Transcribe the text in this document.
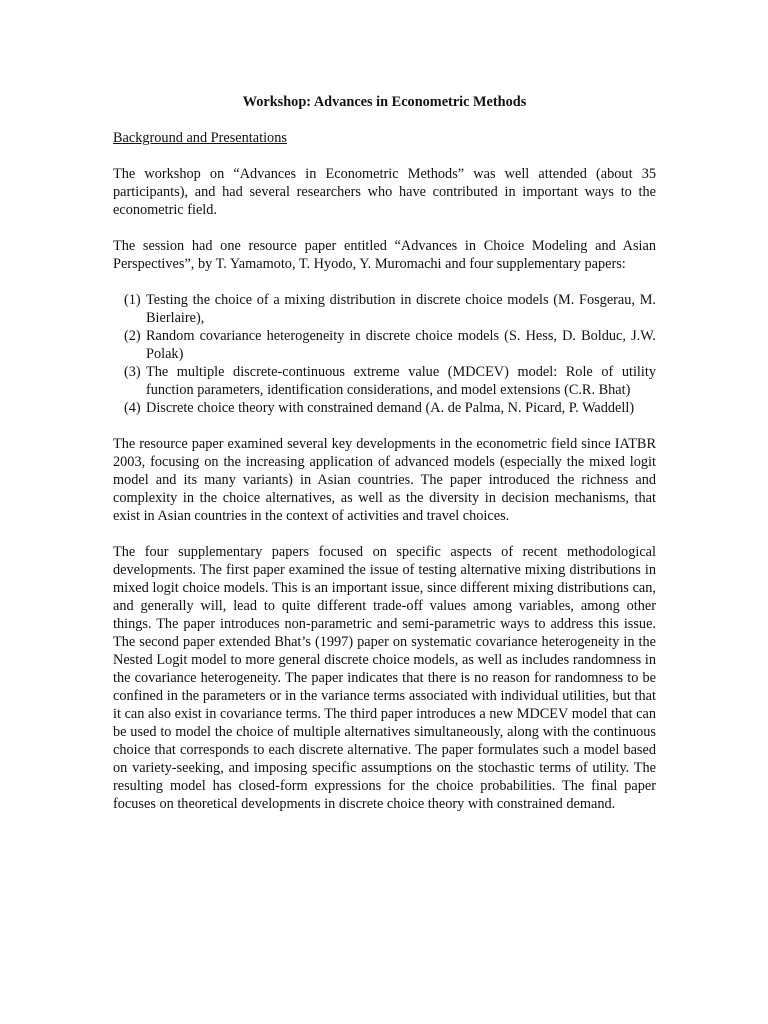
Workshop: Advances in Econometric Methods
Background and Presentations

The workshop on “Advances in Econometric Methods” was well attended (about 35 participants), and had several researchers who have contributed in important ways to the econometric field.

The session had one resource paper entitled “Advances in Choice Modeling and Asian Perspectives”, by T. Yamamoto, T. Hyodo, Y. Muromachi and four supplementary papers:

(1) Testing the choice of a mixing distribution in discrete choice models (M. Fosgerau, M. Bierlaire),
(2) Random covariance heterogeneity in discrete choice models (S. Hess, D. Bolduc, J.W. Polak)
(3) The multiple discrete-continuous extreme value (MDCEV) model: Role of utility function parameters, identification considerations, and model extensions (C.R. Bhat)
(4) Discrete choice theory with constrained demand (A. de Palma, N. Picard, P. Waddell)

The resource paper examined several key developments in the econometric field since IATBR 2003, focusing on the increasing application of advanced models (especially the mixed logit model and its many variants) in Asian countries. The paper introduced the richness and complexity in the choice alternatives, as well as the diversity in decision mechanisms, that exist in Asian countries in the context of activities and travel choices.

The four supplementary papers focused on specific aspects of recent methodological developments. The first paper examined the issue of testing alternative mixing distributions in mixed logit choice models. This is an important issue, since different mixing distributions can, and generally will, lead to quite different trade-off values among variables, among other things. The paper introduces non-parametric and semi-parametric ways to address this issue. The second paper extended Bhat’s (1997) paper on systematic covariance heterogeneity in the Nested Logit model to more general discrete choice models, as well as includes randomness in the covariance heterogeneity. The paper indicates that there is no reason for randomness to be confined in the parameters or in the variance terms associated with individual utilities, but that it can also exist in covariance terms. The third paper introduces a new MDCEV model that can be used to model the choice of multiple alternatives simultaneously, along with the continuous choice that corresponds to each discrete alternative. The paper formulates such a model based on variety-seeking, and imposing specific assumptions on the stochastic terms of utility. The resulting model has closed-form expressions for the choice probabilities. The final paper focuses on theoretical developments in discrete choice theory with constrained demand.
